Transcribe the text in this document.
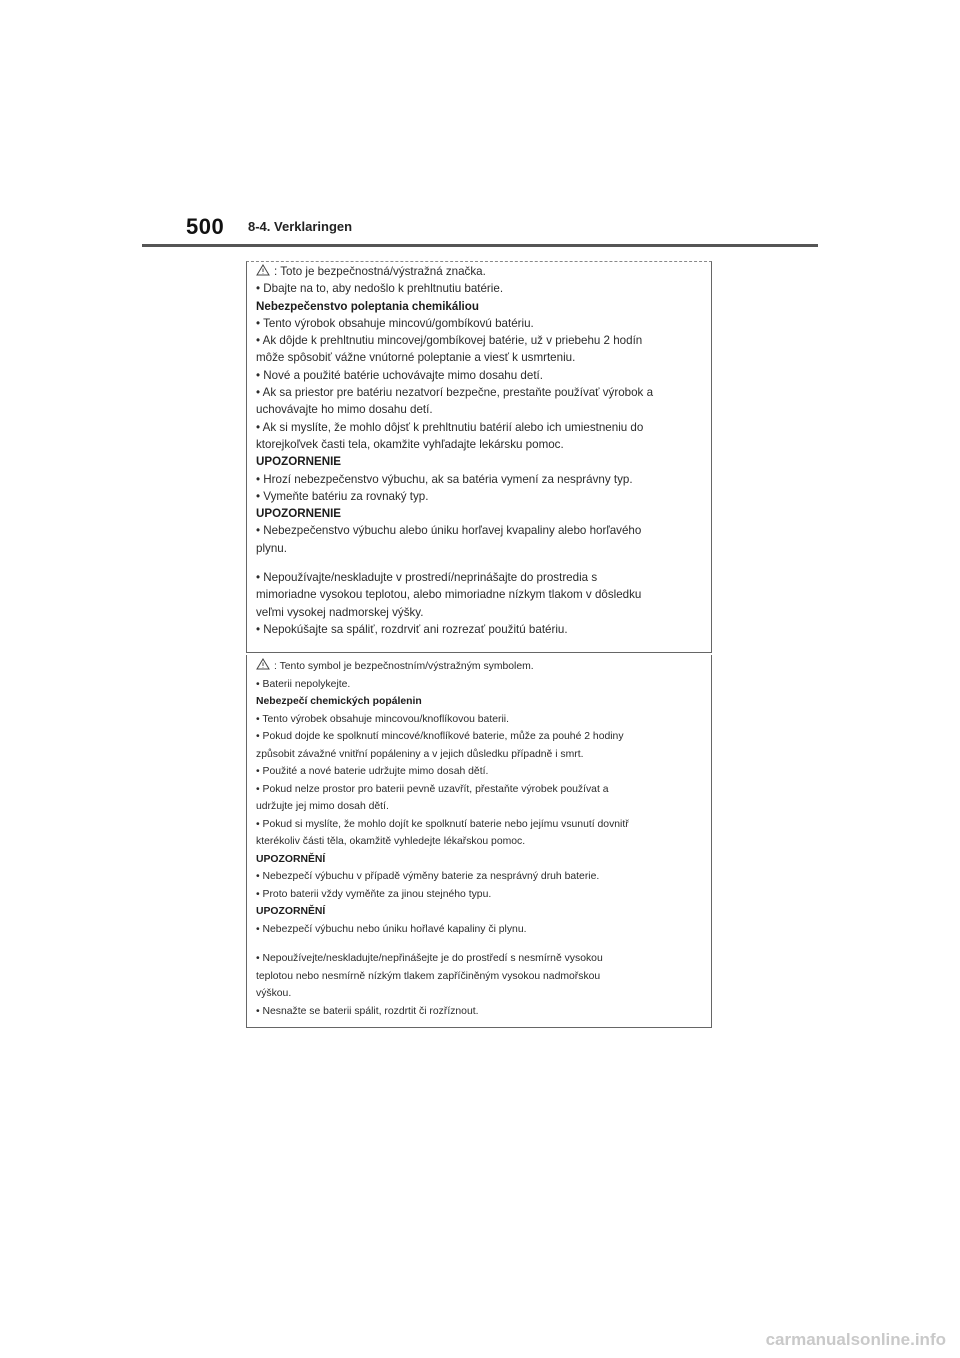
500 8-4. Verklaringen
: Toto je bezpečnostná/výstražná značka.
• Dbajte na to, aby nedošlo k prehltnutiu batérie.
Nebezpečenstvo poleptania chemikáliou
• Tento výrobok obsahuje mincovú/gombíkovú batériu.
• Ak dôjde k prehltnutiu mincovej/gombíkovej batérie, už v priebehu 2 hodín
môže spôsobiť vážne vnútorné poleptanie a viesť k usmrteniu.
• Nové a použité batérie uchovávajte mimo dosahu detí.
• Ak sa priestor pre batériu nezatvorí bezpečne, prestaňte používať výrobok a
uchovávajte ho mimo dosahu detí.
• Ak si myslíte, že mohlo dôjsť k prehltnutiu batérií alebo ich umiestneniu do
ktorejkoľvek časti tela, okamžite vyhľadajte lekársku pomoc.
UPOZORNENIE
• Hrozí nebezpečenstvo výbuchu, ak sa batéria vymení za nesprávny typ.
• Vymeňte batériu za rovnaký typ.
UPOZORNENIE
• Nebezpečenstvo výbuchu alebo úniku horľavej kvapaliny alebo horľavého
plynu.
• Nepoužívajte/neskladujte v prostredí/neprinášajte do prostredia s
mimoriadne vysokou teplotou, alebo mimoriadne nízkym tlakom v dôsledku
veľmi vysokej nadmorskej výšky.
• Nepokúšajte sa spáliť, rozdrviť ani rozrezať použitú batériu.
: Tento symbol je bezpečnostním/výstražným symbolem.
• Baterii nepolykejte.
Nebezpečí chemických popálenin
• Tento výrobek obsahuje mincovou/knoflíkovou baterii.
• Pokud dojde ke spolknutí mincové/knoflíkové baterie, může za pouhé 2 hodiny
způsobit závažné vnitřní popáleniny a v jejich důsledku případně i smrt.
• Použité a nové baterie udržujte mimo dosah dětí.
• Pokud nelze prostor pro baterii pevně uzavřít, přestaňte výrobek používat a
udržujte jej mimo dosah dětí.
• Pokud si myslíte, že mohlo dojít ke spolknutí baterie nebo jejímu vsunutí dovnitř
kterékoliv části těla, okamžitě vyhledejte lékařskou pomoc.
UPOZORNĚNÍ
• Nebezpečí výbuchu v případě výměny baterie za nesprávný druh baterie.
• Proto baterii vždy vyměňte za jinou stejného typu.
UPOZORNĚNÍ
• Nebezpečí výbuchu nebo úniku hořlavé kapaliny či plynu.
• Nepoužívejte/neskladujte/nepřinášejte je do prostředí s nesmírně vysokou
teplotou nebo nesmírně nízkým tlakem zapříčiněným vysokou nadmořskou
výškou.
• Nesnažte se baterii spálit, rozdrtit či rozříznout.
carmanualsonline.info
